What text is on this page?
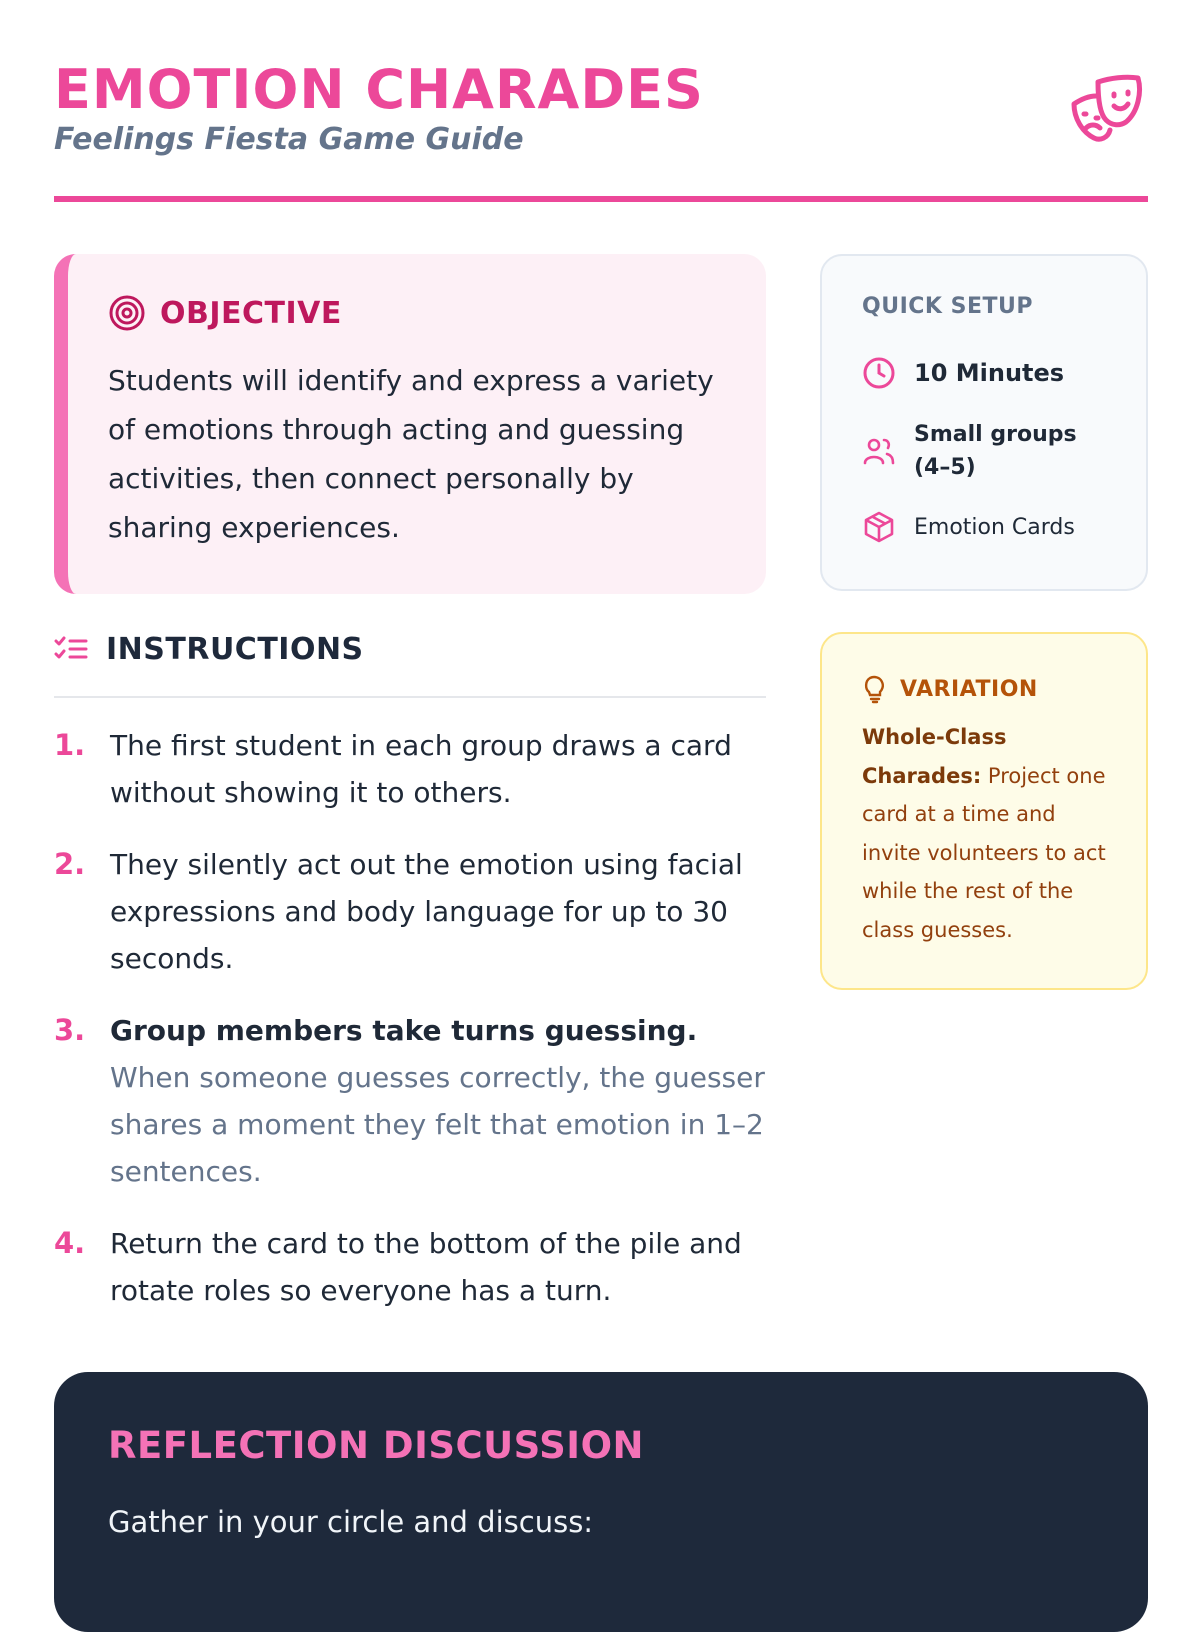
EMOTION CHARADES
Feelings Fiesta Game Guide
OBJECTIVE

Students will identify and express a variety of emotions through acting and guessing activities, then connect personally by sharing experiences.

QUICK SETUP

10 Minutes
Small groups (4–5)
Emotion Cards
VARIATION

Whole-Class Charades: Project one card at a time and invite volunteers to act while the rest of the class guesses.

INSTRUCTIONS
1. The first student in each group draws a card without showing it to others.
2. They silently act out the emotion using facial expressions and body language for up to 30 seconds.
3. Group members take turns guessing.
When someone guesses correctly, the guesser shares a moment they felt that emotion in 1–2 sentences.
4. Return the card to the bottom of the pile and rotate roles so everyone has a turn.
REFLECTION DISCUSSION

Gather in your circle and discuss:
